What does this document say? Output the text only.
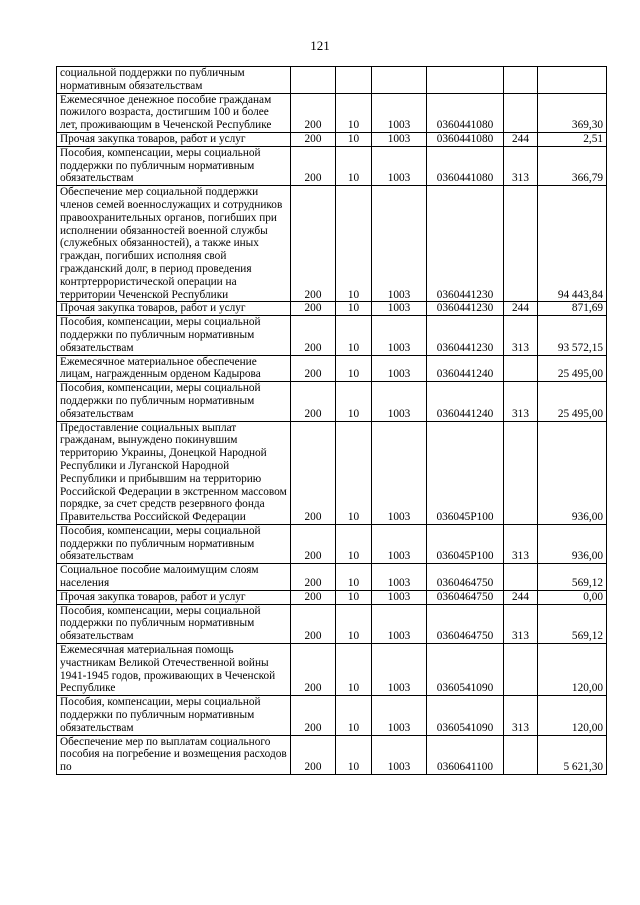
121
социальной поддержки по публичным нормативным обязательствам						
Ежемесячное денежное пособие гражданам пожилого возраста, достигшим 100 и более лет, проживающим в Чеченской Республике	200	10	1003	0360441080		369,30
Прочая закупка товаров, работ и услуг	200	10	1003	0360441080	244	2,51
Пособия, компенсации, меры социальной поддержки по публичным нормативным обязательствам	200	10	1003	0360441080	313	366,79
Обеспечение мер социальной поддержки членов семей военнослужащих и сотрудников правоохранительных органов, погибших при исполнении обязанностей военной службы (служебных обязанностей), а также иных граждан, погибших исполняя свой гражданский долг, в период проведения контртеррористической операции на территории Чеченской Республики	200	10	1003	0360441230		94 443,84
Прочая закупка товаров, работ и услуг	200	10	1003	0360441230	244	871,69
Пособия, компенсации, меры социальной поддержки по публичным нормативным обязательствам	200	10	1003	0360441230	313	93 572,15
Ежемесячное материальное обеспечение лицам, награжденным орденом Кадырова	200	10	1003	0360441240		25 495,00
Пособия, компенсации, меры социальной поддержки по публичным нормативным обязательствам	200	10	1003	0360441240	313	25 495,00
Предоставление социальных выплат гражданам, вынуждено покинувшим территорию Украины, Донецкой Народной Республики и Луганской Народной Республики и прибывшим на территорию Российской Федерации в экстренном массовом порядке, за счет средств резервного фонда Правительства Российской Федерации	200	10	1003	036045Р100		936,00
Пособия, компенсации, меры социальной поддержки по публичным нормативным обязательствам	200	10	1003	036045Р100	313	936,00
Социальное пособие малоимущим слоям населения	200	10	1003	0360464750		569,12
Прочая закупка товаров, работ и услуг	200	10	1003	0360464750	244	0,00
Пособия, компенсации, меры социальной поддержки по публичным нормативным обязательствам	200	10	1003	0360464750	313	569,12
Ежемесячная материальная помощь участникам Великой Отечественной войны 1941-1945 годов, проживающих в Чеченской Республике	200	10	1003	0360541090		120,00
Пособия, компенсации, меры социальной поддержки по публичным нормативным обязательствам	200	10	1003	0360541090	313	120,00
Обеспечение мер по выплатам социального пособия на погребение и возмещения расходов по	200	10	1003	0360641100		5 621,30
